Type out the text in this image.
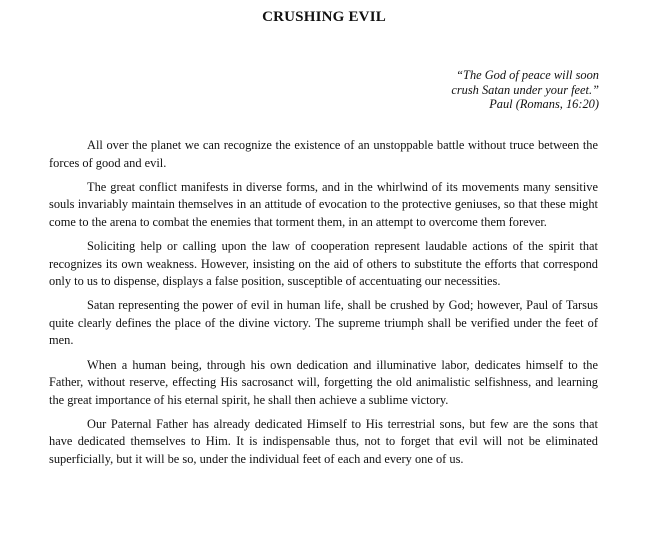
CRUSHING EVIL
“The God of peace will soon
crush Satan under your feet.”
Paul (Romans, 16:20)

All over the planet we can recognize the existence of an unstoppable battle without truce between the forces of good and evil.

The great conflict manifests in diverse forms, and in the whirlwind of its movements many sensitive souls invariably maintain themselves in an attitude of evocation to the protective geniuses, so that these might come to the arena to combat the enemies that torment them, in an attempt to overcome them forever.

Soliciting help or calling upon the law of cooperation represent laudable actions of the spirit that recognizes its own weakness. However, insisting on the aid of others to substitute the efforts that correspond only to us to dispense, displays a false position, susceptible of accentuating our necessities.

Satan representing the power of evil in human life, shall be crushed by God; however, Paul of Tarsus quite clearly defines the place of the divine victory. The supreme triumph shall be verified under the feet of men.

When a human being, through his own dedication and illuminative labor, dedicates himself to the Father, without reserve, effecting His sacrosanct will, forgetting the old animalistic selfishness, and learning the great importance of his eternal spirit, he shall then achieve a sublime victory.

Our Paternal Father has already dedicated Himself to His terrestrial sons, but few are the sons that have dedicated themselves to Him. It is indispensable thus, not to forget that evil will not be eliminated superficially, but it will be so, under the individual feet of each and every one of us.
